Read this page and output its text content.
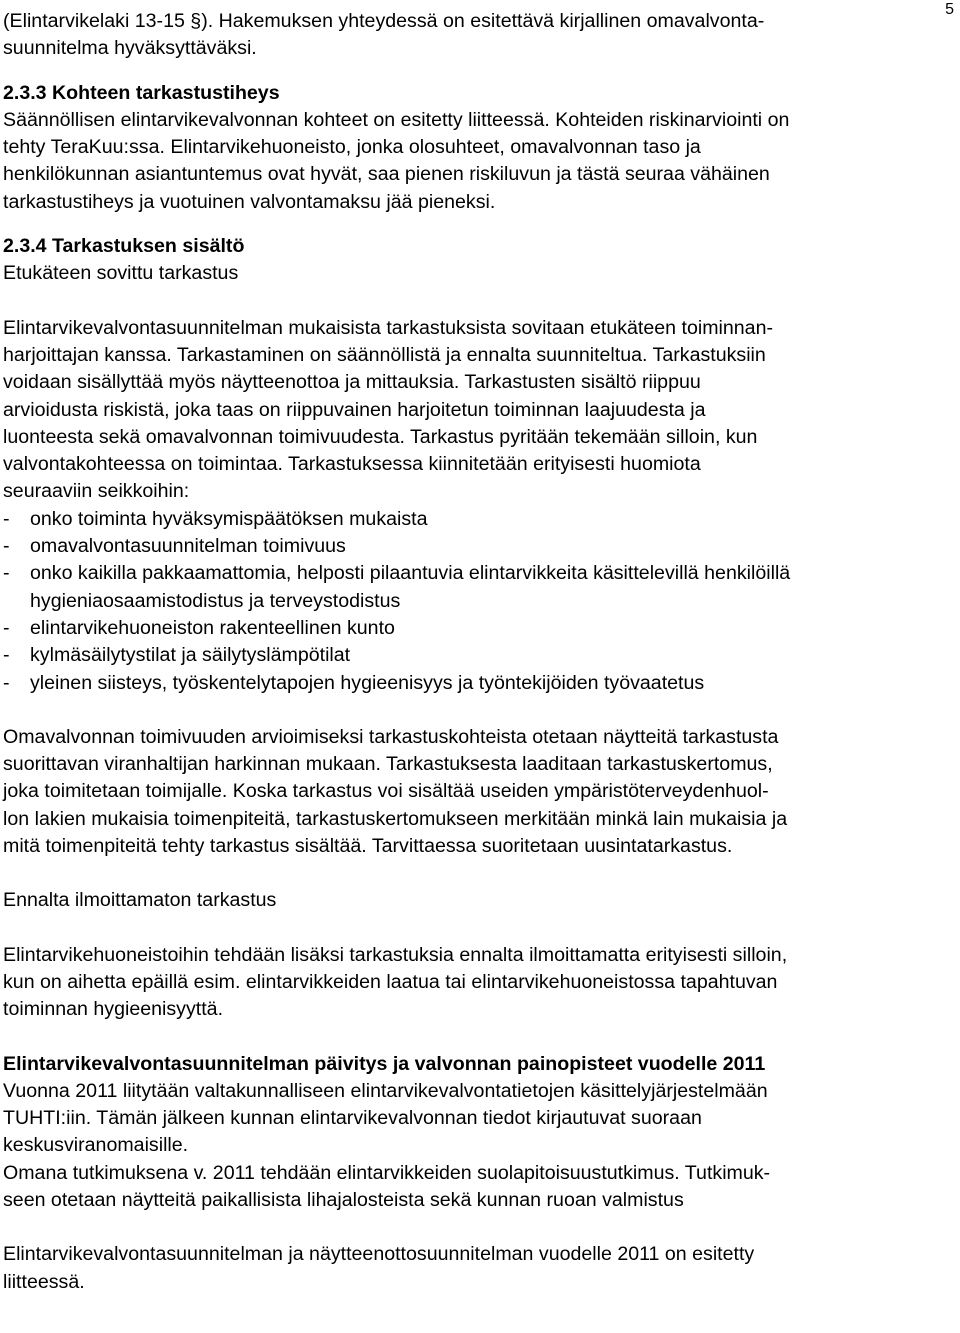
5

(Elintarvikelaki 13-15 §). Hakemuksen yhteydessä on esitettävä kirjallinen omavalvonta-
suunnitelma hyväksyttäväksi.

2.3.3 Kohteen tarkastustiheys

Säännöllisen elintarvikevalvonnan kohteet on esitetty liitteessä. Kohteiden riskinarviointi on
tehty TeraKuu:ssa. Elintarvikehuoneisto, jonka olosuhteet, omavalvonnan taso ja
henkilökunnan asiantuntemus ovat hyvät, saa pienen riskiluvun ja tästä seuraa vähäinen
tarkastustiheys ja vuotuinen valvontamaksu jää pieneksi.

2.3.4 Tarkastuksen sisältö

Etukäteen sovittu tarkastus

Elintarvikevalvontasuunnitelman mukaisista tarkastuksista sovitaan etukäteen toiminnan-
harjoittajan kanssa. Tarkastaminen on säännöllistä ja ennalta suunniteltua. Tarkastuksiin
voidaan sisällyttää myös näytteenottoa ja mittauksia. Tarkastusten sisältö riippuu
arvioidusta riskistä, joka taas on riippuvainen harjoitetun toiminnan laajuudesta ja
luonteesta sekä omavalvonnan toimivuudesta. Tarkastus pyritään tekemään silloin, kun
valvontakohteessa on toimintaa. Tarkastuksessa kiinnitetään erityisesti huomiota
seuraaviin seikkoihin:

- onko toiminta hyväksymispäätöksen mukaista
- omavalvontasuunnitelman toimivuus
- onko kaikilla pakkaamattomia, helposti pilaantuvia elintarvikkeita käsittelevillä henkilöillä
hygieniaosaamistodistus ja terveystodistus
- elintarvikehuoneiston rakenteellinen kunto
- kylmäsäilytystilat ja säilytyslämpötilat
- yleinen siisteys, työskentelytapojen hygieenisyys ja työntekijöiden työvaatetus

Omavalvonnan toimivuuden arvioimiseksi tarkastuskohteista otetaan näytteitä tarkastusta
suorittavan viranhaltijan harkinnan mukaan. Tarkastuksesta laaditaan tarkastuskertomus,
joka toimitetaan toimijalle. Koska tarkastus voi sisältää useiden ympäristöterveydenhuol-
lon lakien mukaisia toimenpiteitä, tarkastuskertomukseen merkitään minkä lain mukaisia ja
mitä toimenpiteitä tehty tarkastus sisältää. Tarvittaessa suoritetaan uusintatarkastus.

Ennalta ilmoittamaton tarkastus

Elintarvikehuoneistoihin tehdään lisäksi tarkastuksia ennalta ilmoittamatta erityisesti silloin,
kun on aihetta epäillä esim. elintarvikkeiden laatua tai elintarvikehuoneistossa tapahtuvan
toiminnan hygieenisyyttä.

Elintarvikevalvontasuunnitelman päivitys ja valvonnan painopisteet vuodelle 2011

Vuonna 2011 liitytään valtakunnalliseen elintarvikevalvontatietojen käsittelyjärjestelmään
TUHTI:iin. Tämän jälkeen kunnan elintarvikevalvonnan tiedot kirjautuvat suoraan
keskusviranomaisille.

Omana tutkimuksena v. 2011 tehdään elintarvikkeiden suolapitoisuustutkimus. Tutkimuk-
seen otetaan näytteitä paikallisista lihajalosteista sekä kunnan ruoan valmistus

Elintarvikevalvontasuunnitelman ja näytteenottosuunnitelman vuodelle 2011 on esitetty
liitteessä.
